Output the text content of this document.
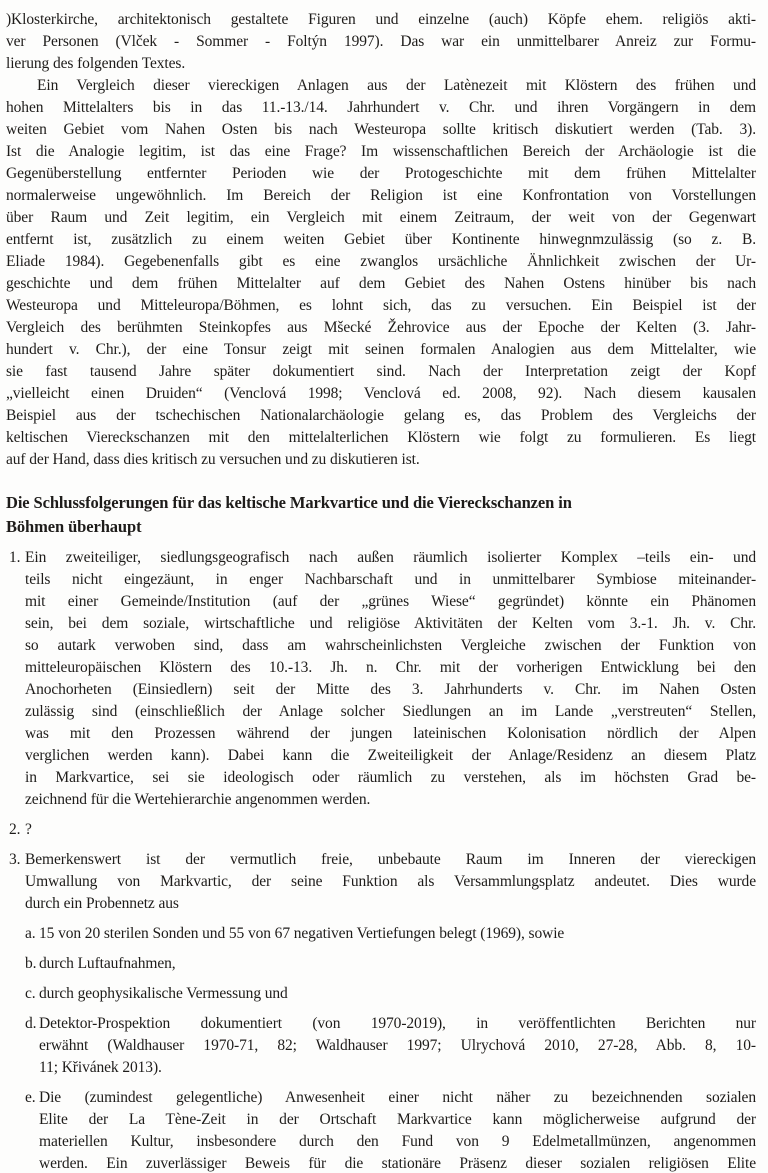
)Klosterkirche, architektonisch gestaltete Figuren und einzelne (auch) Köpfe ehem. religiös akti-
ver Personen (Vlček - Sommer - Foltýn 1997). Das war ein unmittelbarer Anreiz zur Formu-
lierung des folgenden Textes.
Ein Vergleich dieser viereckigen Anlagen aus der Latènezeit mit Klöstern des frühen und
hohen Mittelalters bis in das 11.-13./14. Jahrhundert v. Chr. und ihren Vorgängern in dem
weiten Gebiet vom Nahen Osten bis nach Westeuropa sollte kritisch diskutiert werden (Tab. 3).
Ist die Analogie legitim, ist das eine Frage? Im wissenschaftlichen Bereich der Archäologie ist die
Gegenüberstellung entfernter Perioden wie der Protogeschichte mit dem frühen Mittelalter
normalerweise ungewöhnlich. Im Bereich der Religion ist eine Konfrontation von Vorstellungen
über Raum und Zeit legitim, ein Vergleich mit einem Zeitraum, der weit von der Gegenwart
entfernt ist, zusätzlich zu einem weiten Gebiet über Kontinente hinwegnmzulässig (so z. B.
Eliade 1984). Gegebenenfalls gibt es eine zwanglos ursächliche Ähnlichkeit zwischen der Ur-
geschichte und dem frühen Mittelalter auf dem Gebiet des Nahen Ostens hinüber bis nach
Westeuropa und Mitteleuropa/Böhmen, es lohnt sich, das zu versuchen. Ein Beispiel ist der
Vergleich des berühmten Steinkopfes aus Mšecké Žehrovice aus der Epoche der Kelten (3. Jahr-
hundert v. Chr.), der eine Tonsur zeigt mit seinen formalen Analogien aus dem Mittelalter, wie
sie fast tausend Jahre später dokumentiert sind. Nach der Interpretation zeigt der Kopf
„vielleicht einen Druiden“ (Venclová 1998; Venclová ed. 2008, 92). Nach diesem kausalen
Beispiel aus der tschechischen Nationalarchäologie gelang es, das Problem des Vergleichs der
keltischen Viereckschanzen mit den mittelalterlichen Klöstern wie folgt zu formulieren. Es liegt
auf der Hand, dass dies kritisch zu versuchen und zu diskutieren ist.
Die Schlussfolgerungen für das keltische Markvartice und die Viereckschanzen in
Böhmen überhaupt
1. Ein zweiteiliger, siedlungsgeografisch nach außen räumlich isolierter Komplex –teils ein- und
teils nicht eingezäunt, in enger Nachbarschaft und in unmittelbarer Symbiose miteinander-
mit einer Gemeinde/Institution (auf der „grünes Wiese“ gegründet) könnte ein Phänomen
sein, bei dem soziale, wirtschaftliche und religiöse Aktivitäten der Kelten vom 3.-1. Jh. v. Chr.
so autark verwoben sind, dass am wahrscheinlichsten Vergleiche zwischen der Funktion von
mitteleuropäischen Klöstern des 10.-13. Jh. n. Chr. mit der vorherigen Entwicklung bei den
Anochorheten (Einsiedlern) seit der Mitte des 3. Jahrhunderts v. Chr. im Nahen Osten
zulässig sind (einschließlich der Anlage solcher Siedlungen an im Lande „verstreuten“ Stellen,
was mit den Prozessen während der jungen lateinischen Kolonisation nördlich der Alpen
verglichen werden kann). Dabei kann die Zweiteiligkeit der Anlage/Residenz an diesem Platz
in Markvartice, sei sie ideologisch oder räumlich zu verstehen, als im höchsten Grad be-
zeichnend für die Wertehierarchie angenommen werden.
2. ?
3. Bemerkenswert ist der vermutlich freie, unbebaute Raum im Inneren der viereckigen
Umwallung von Markvartic, der seine Funktion als Versammlungsplatz andeutet. Dies wurde
durch ein Probennetz aus
a. 15 von 20 sterilen Sonden und 55 von 67 negativen Vertiefungen belegt (1969), sowie
b. durch Luftaufnahmen,
c. durch geophysikalische Vermessung und
d. Detektor-Prospektion dokumentiert (von 1970-2019), in veröffentlichten Berichten nur
erwähnt (Waldhauser 1970-71, 82; Waldhauser 1997; Ulrychová 2010, 27-28, Abb. 8, 10-
11; Křivánek 2013).
e. Die (zumindest gelegentliche) Anwesenheit einer nicht näher zu bezeichnenden sozialen
Elite der La Tène-Zeit in der Ortschaft Markvartice kann möglicherweise aufgrund der
materiellen Kultur, insbesondere durch den Fund von 9 Edelmetallmünzen, angenommen
werden. Ein zuverlässiger Beweis für die stationäre Präsenz dieser sozialen religiösen Elite
